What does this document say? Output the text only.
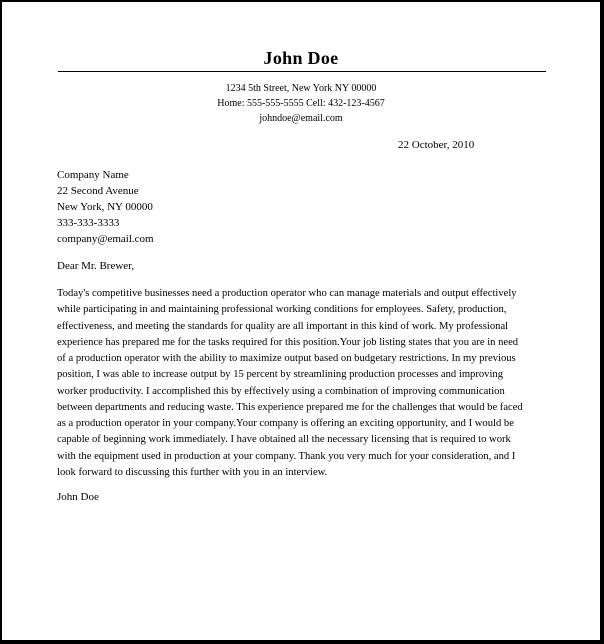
John Doe
1234 5th Street, New York NY 00000
Home: 555-555-5555 Cell: 432-123-4567
johndoe@email.com
22 October, 2010
Company Name
22 Second Avenue
New York, NY 00000
333-333-3333
company@email.com
Dear Mr. Brewer,
Today's competitive businesses need a production operator who can manage materials and output effectively
while participating in and maintaining professional working conditions for employees. Safety, production,
effectiveness, and meeting the standards for quality are all important in this kind of work. My professional
experience has prepared me for the tasks required for this position.Your job listing states that you are in need
of a production operator with the ability to maximize output based on budgetary restrictions. In my previous
position, I was able to increase output by 15 percent by streamlining production processes and improving
worker productivity. I accomplished this by effectively using a combination of improving communication
between departments and reducing waste. This experience prepared me for the challenges that would be faced
as a production operator in your company.Your company is offering an exciting opportunity, and I would be
capable of beginning work immediately. I have obtained all the necessary licensing that is required to work
with the equipment used in production at your company. Thank you very much for your consideration, and I
look forward to discussing this further with you in an interview.
John Doe
